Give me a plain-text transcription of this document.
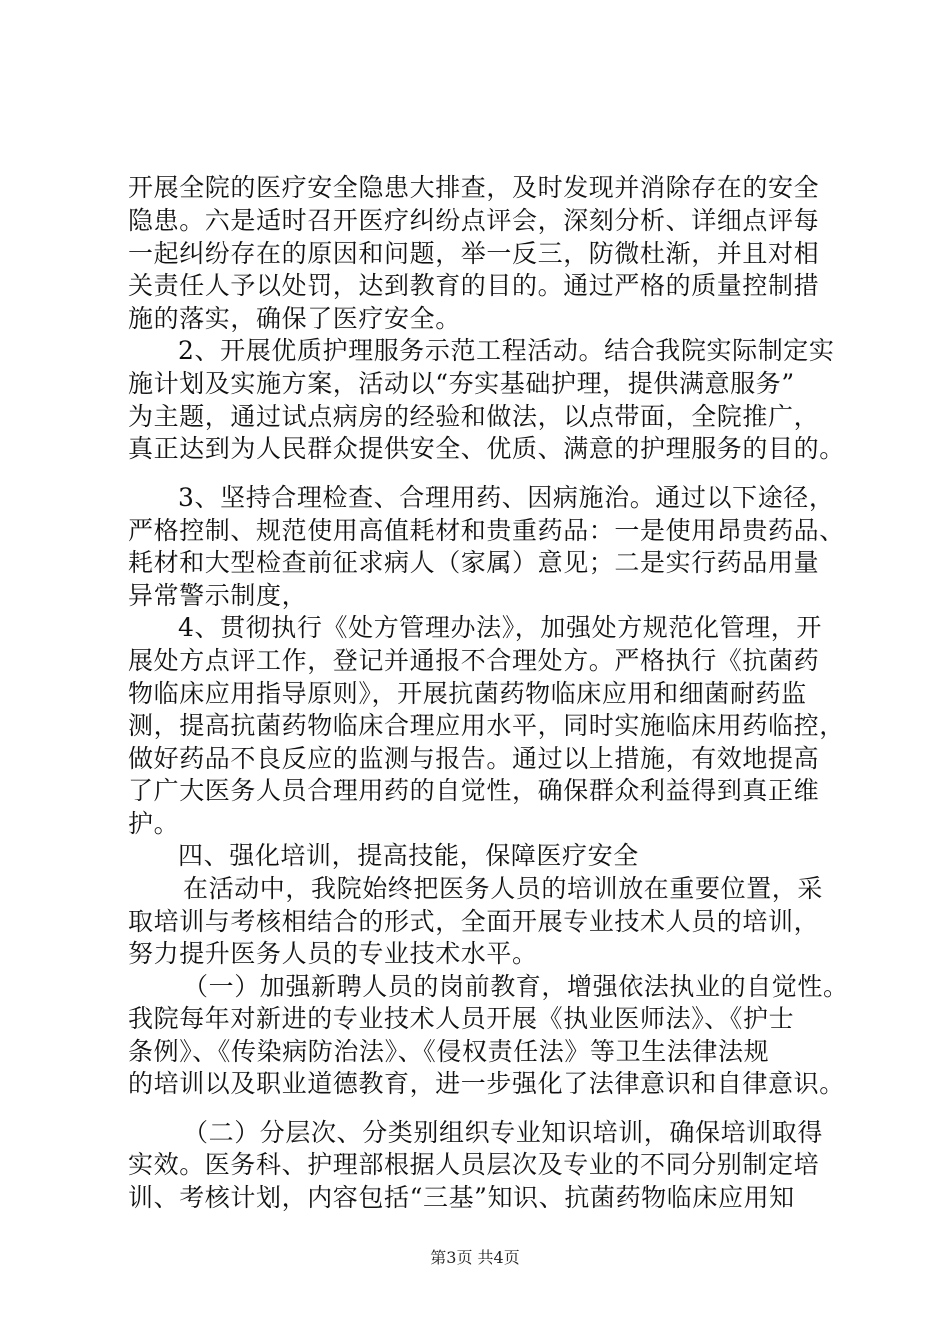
开展全院的医疗安全隐患大排查，及时发现并消除存在的安全
隐患。六是适时召开医疗纠纷点评会，深刻分析、详细点评每
一起纠纷存在的原因和问题，举一反三，防微杜渐，并且对相
关责任人予以处罚，达到教育的目的。通过严格的质量控制措
施的落实，确保了医疗安全。
2、开展优质护理服务示范工程活动。结合我院实际制定实
施计划及实施方案，活动以“夯实基础护理，提供满意服务”
为主题，通过试点病房的经验和做法，以点带面，全院推广，
真正达到为人民群众提供安全、优质、满意的护理服务的目的。
3、坚持合理检查、合理用药、因病施治。通过以下途径，
严格控制、规范使用高值耗材和贵重药品：一是使用昂贵药品、
耗材和大型检查前征求病人（家属）意见；二是实行药品用量
异常警示制度，
4、贯彻执行《处方管理办法》，加强处方规范化管理，开
展处方点评工作，登记并通报不合理处方。严格执行《抗菌药
物临床应用指导原则》，开展抗菌药物临床应用和细菌耐药监
测，提高抗菌药物临床合理应用水平，同时实施临床用药临控，
做好药品不良反应的监测与报告。通过以上措施，有效地提高
了广大医务人员合理用药的自觉性，确保群众利益得到真正维
护。
四、强化培训，提高技能，保障医疗安全
在活动中，我院始终把医务人员的培训放在重要位置，采
取培训与考核相结合的形式，全面开展专业技术人员的培训，
努力提升医务人员的专业技术水平。
（一）加强新聘人员的岗前教育，增强依法执业的自觉性。
我院每年对新进的专业技术人员开展《执业医师法》、《护士
条例》、《传染病防治法》、《侵权责任法》等卫生法律法规
的培训以及职业道德教育，进一步强化了法律意识和自律意识。
（二）分层次、分类别组织专业知识培训，确保培训取得
实效。医务科、护理部根据人员层次及专业的不同分别制定培
训、考核计划，内容包括“三基”知识、抗菌药物临床应用知
第3页 共4页
